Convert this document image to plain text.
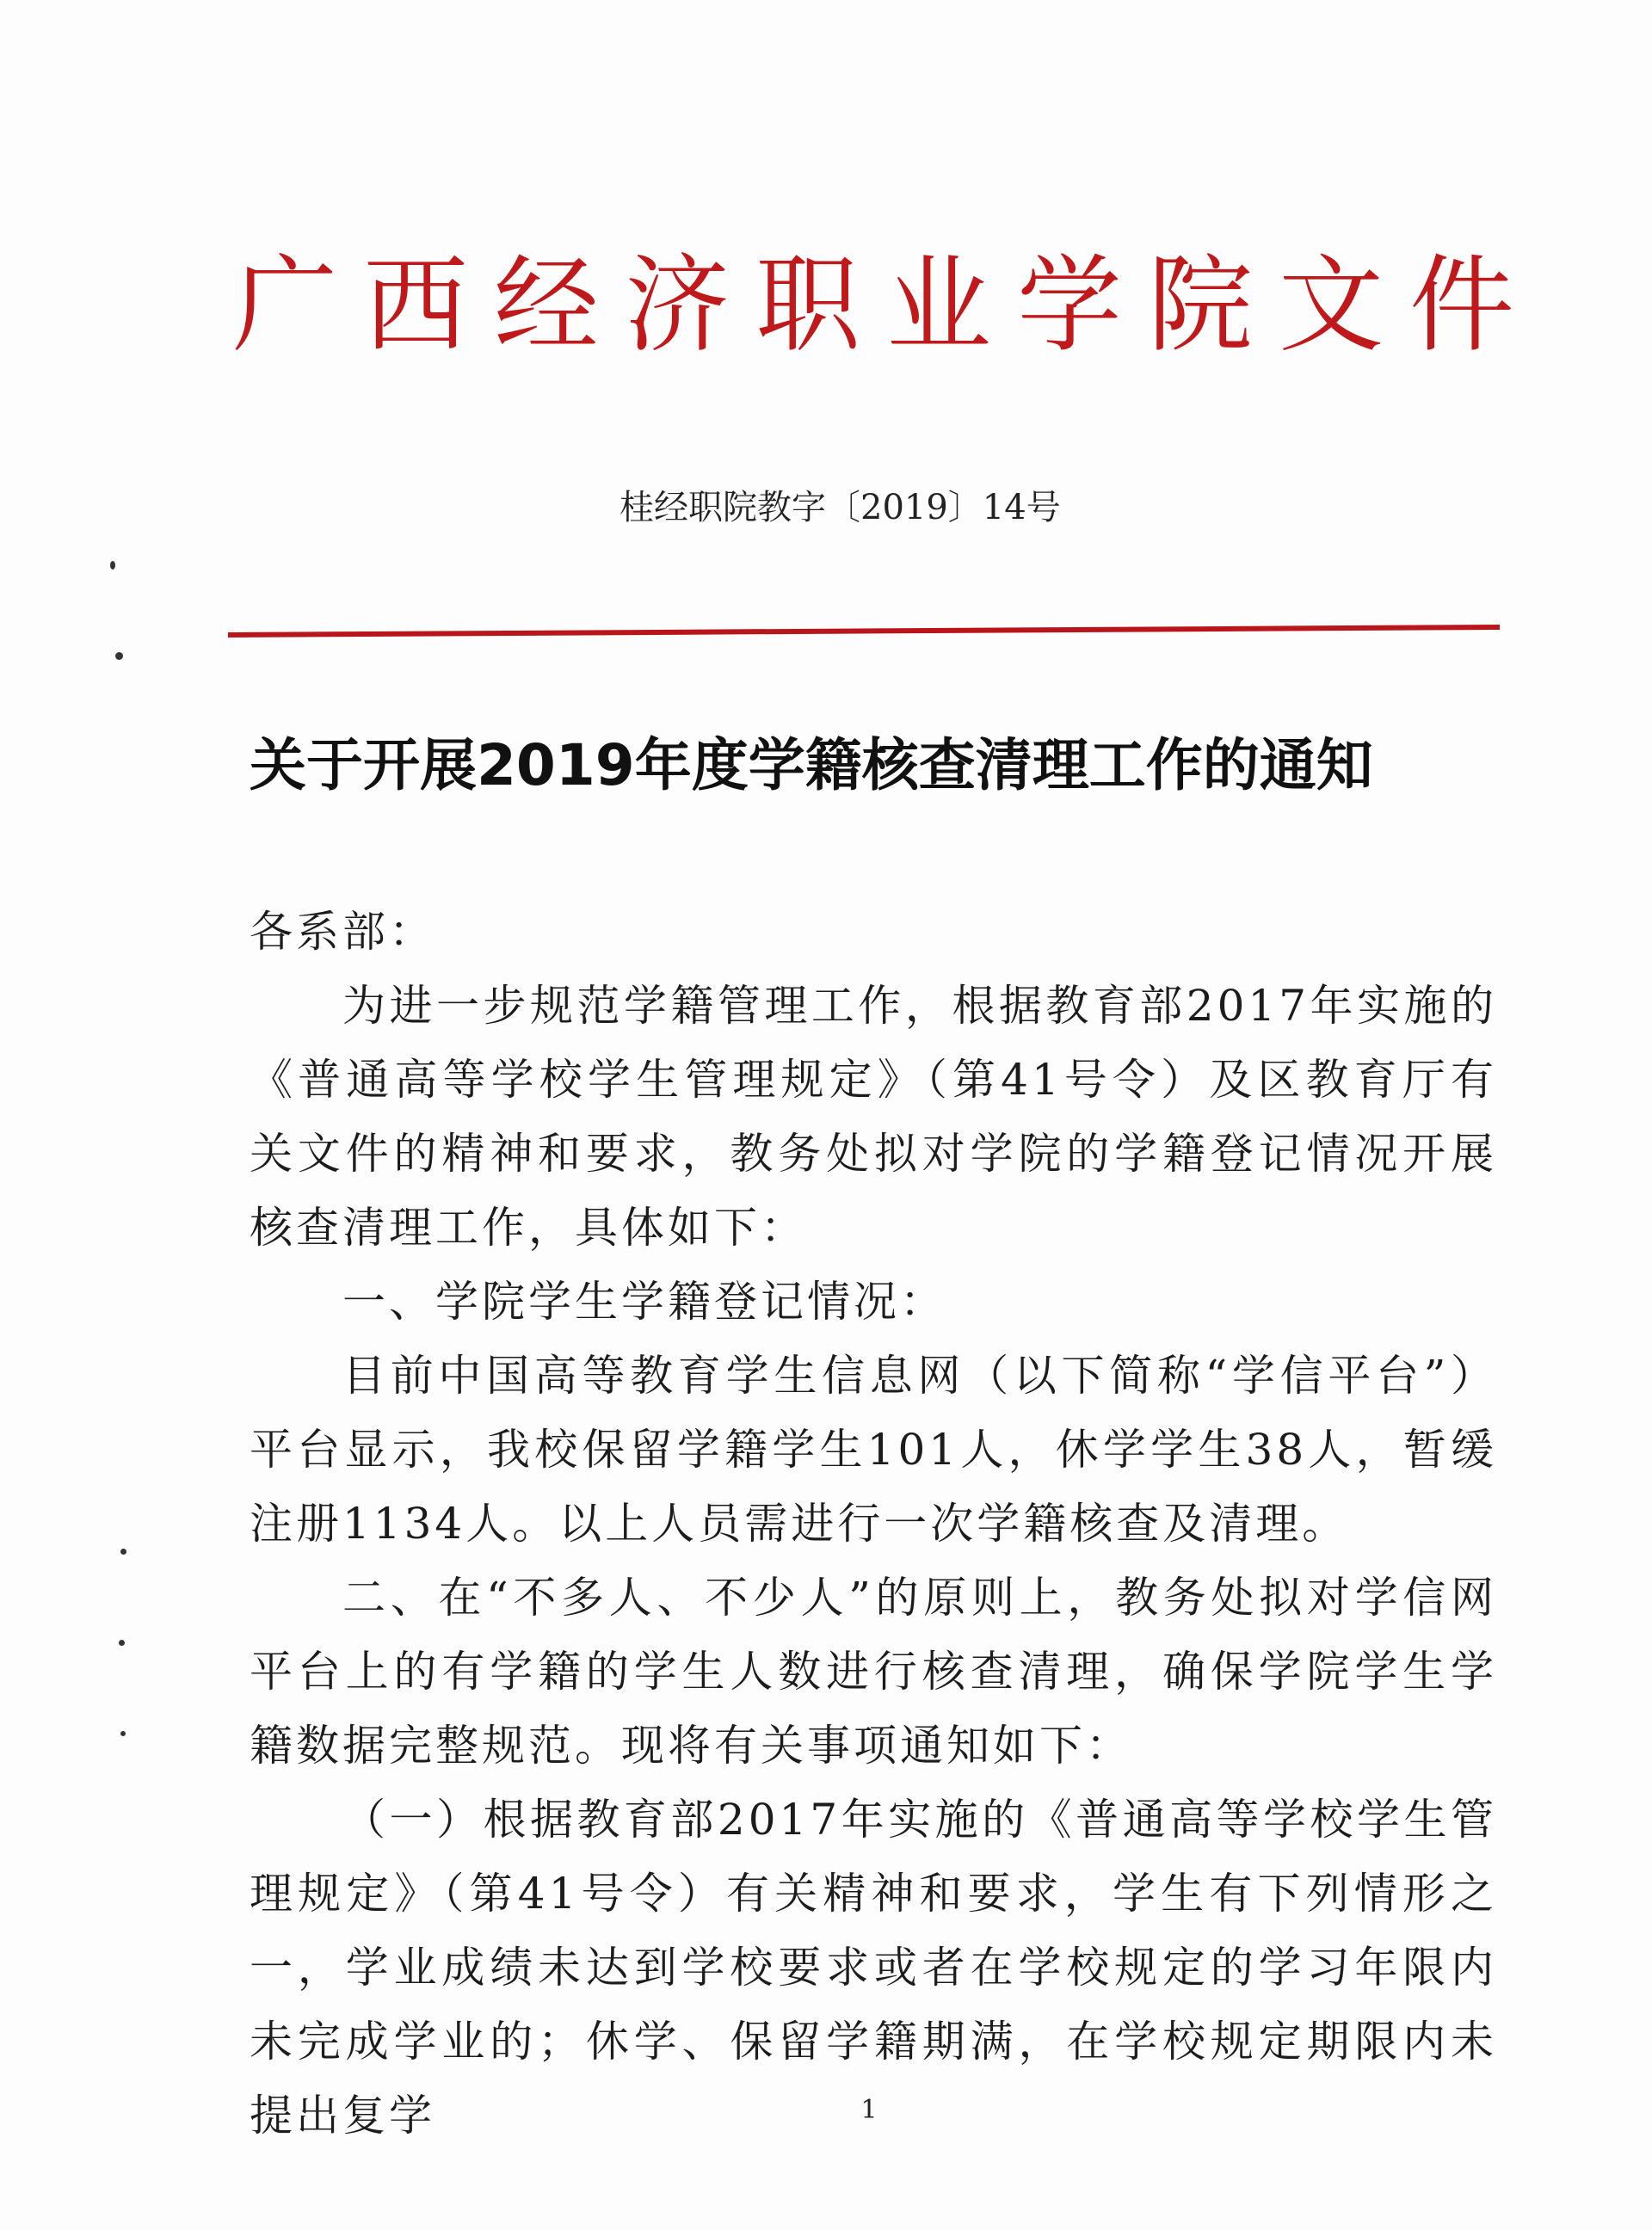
广西经济职业学院文件
桂经职院教字〔2019〕14号
关于开展2019年度学籍核查清理工作的通知

各系部：

为进一步规范学籍管理工作，根据教育部2017年实施的《普通高等学校学生管理规定》（第41号令）及区教育厅有关文件的精神和要求，教务处拟对学院的学籍登记情况开展核查清理工作，具体如下：

一、学院学生学籍登记情况：

目前中国高等教育学生信息网（以下简称“学信平台”）平台显示，我校保留学籍学生101人，休学学生38人，暂缓注册1134人。以上人员需进行一次学籍核查及清理。

二、在“不多人、不少人”的原则上，教务处拟对学信网平台上的有学籍的学生人数进行核查清理，确保学院学生学籍数据完整规范。现将有关事项通知如下：

（一）根据教育部2017年实施的《普通高等学校学生管理规定》（第41号令）有关精神和要求，学生有下列情形之一，学业成绩未达到学校要求或者在学校规定的学习年限内未完成学业的；休学、保留学籍期满，在学校规定期限内未提出复学	1
